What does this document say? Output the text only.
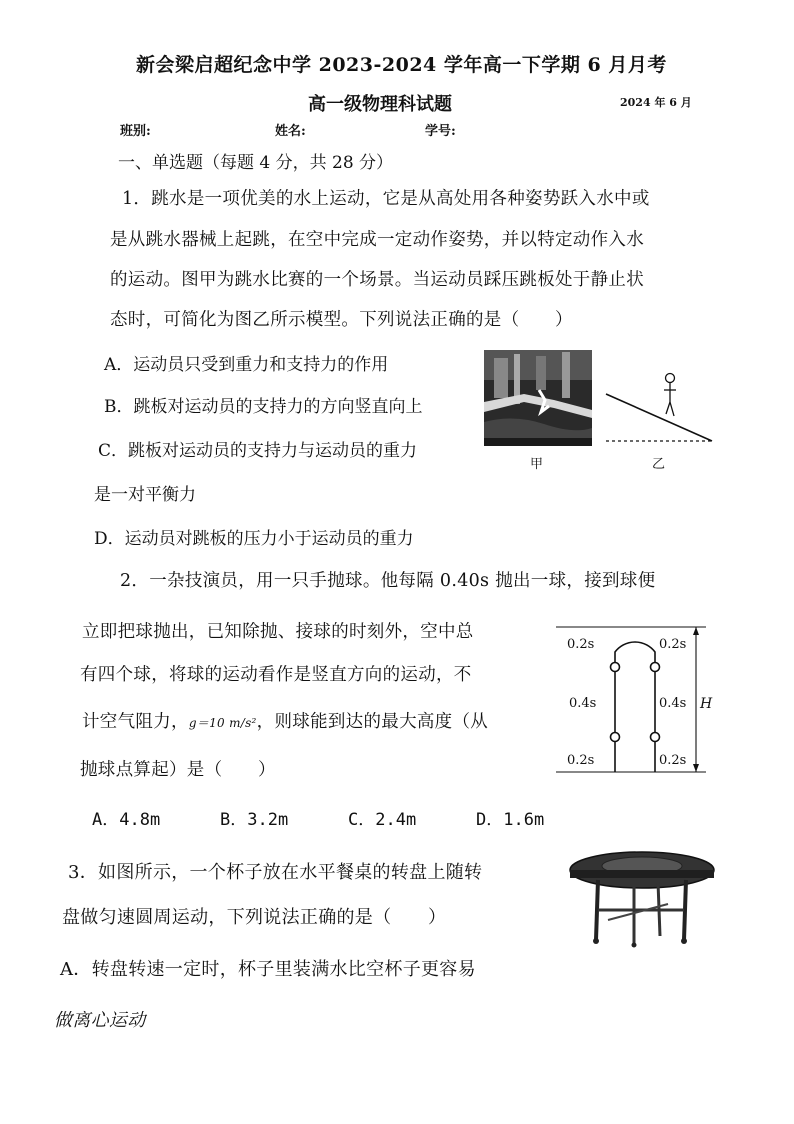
新会梁启超纪念中学 2023-2024 学年高一下学期 6 月月考
高一级物理科试题	2024 年 6 月
班别:	姓名:	学号:
一、单选题（每题 4 分，共 28 分）
1．跳水是一项优美的水上运动，它是从高处用各种姿势跃入水中或
是从跳水器械上起跳，在空中完成一定动作姿势，并以特定动作入水
的运动。图甲为跳水比赛的一个场景。当运动员踩压跳板处于静止状
态时，可简化为图乙所示模型。下列说法正确的是（　　）
A．运动员只受到重力和支持力的作用
B．跳板对运动员的支持力的方向竖直向上
C．跳板对运动员的支持力与运动员的重力
是一对平衡力
D．运动员对跳板的压力小于运动员的重力
甲	乙
2．一杂技演员，用一只手抛球。他每隔 0.40s 抛出一球，接到球便
立即把球抛出，已知除抛、接球的时刻外，空中总
有四个球，将球的运动看作是竖直方向的运动，不
计空气阻力，g＝10 m/s²，则球能到达的最大高度（从
抛球点算起）是（　　）
A．4.8m	B．3.2m	C．2.4m	D．1.6m
0.2s	0.2s
0.4s	0.4s
0.2s	0.2s
H
3．如图所示，一个杯子放在水平餐桌的转盘上随转
盘做匀速圆周运动，下列说法正确的是（　　）
A．转盘转速一定时，杯子里装满水比空杯子更容易
做离心运动
